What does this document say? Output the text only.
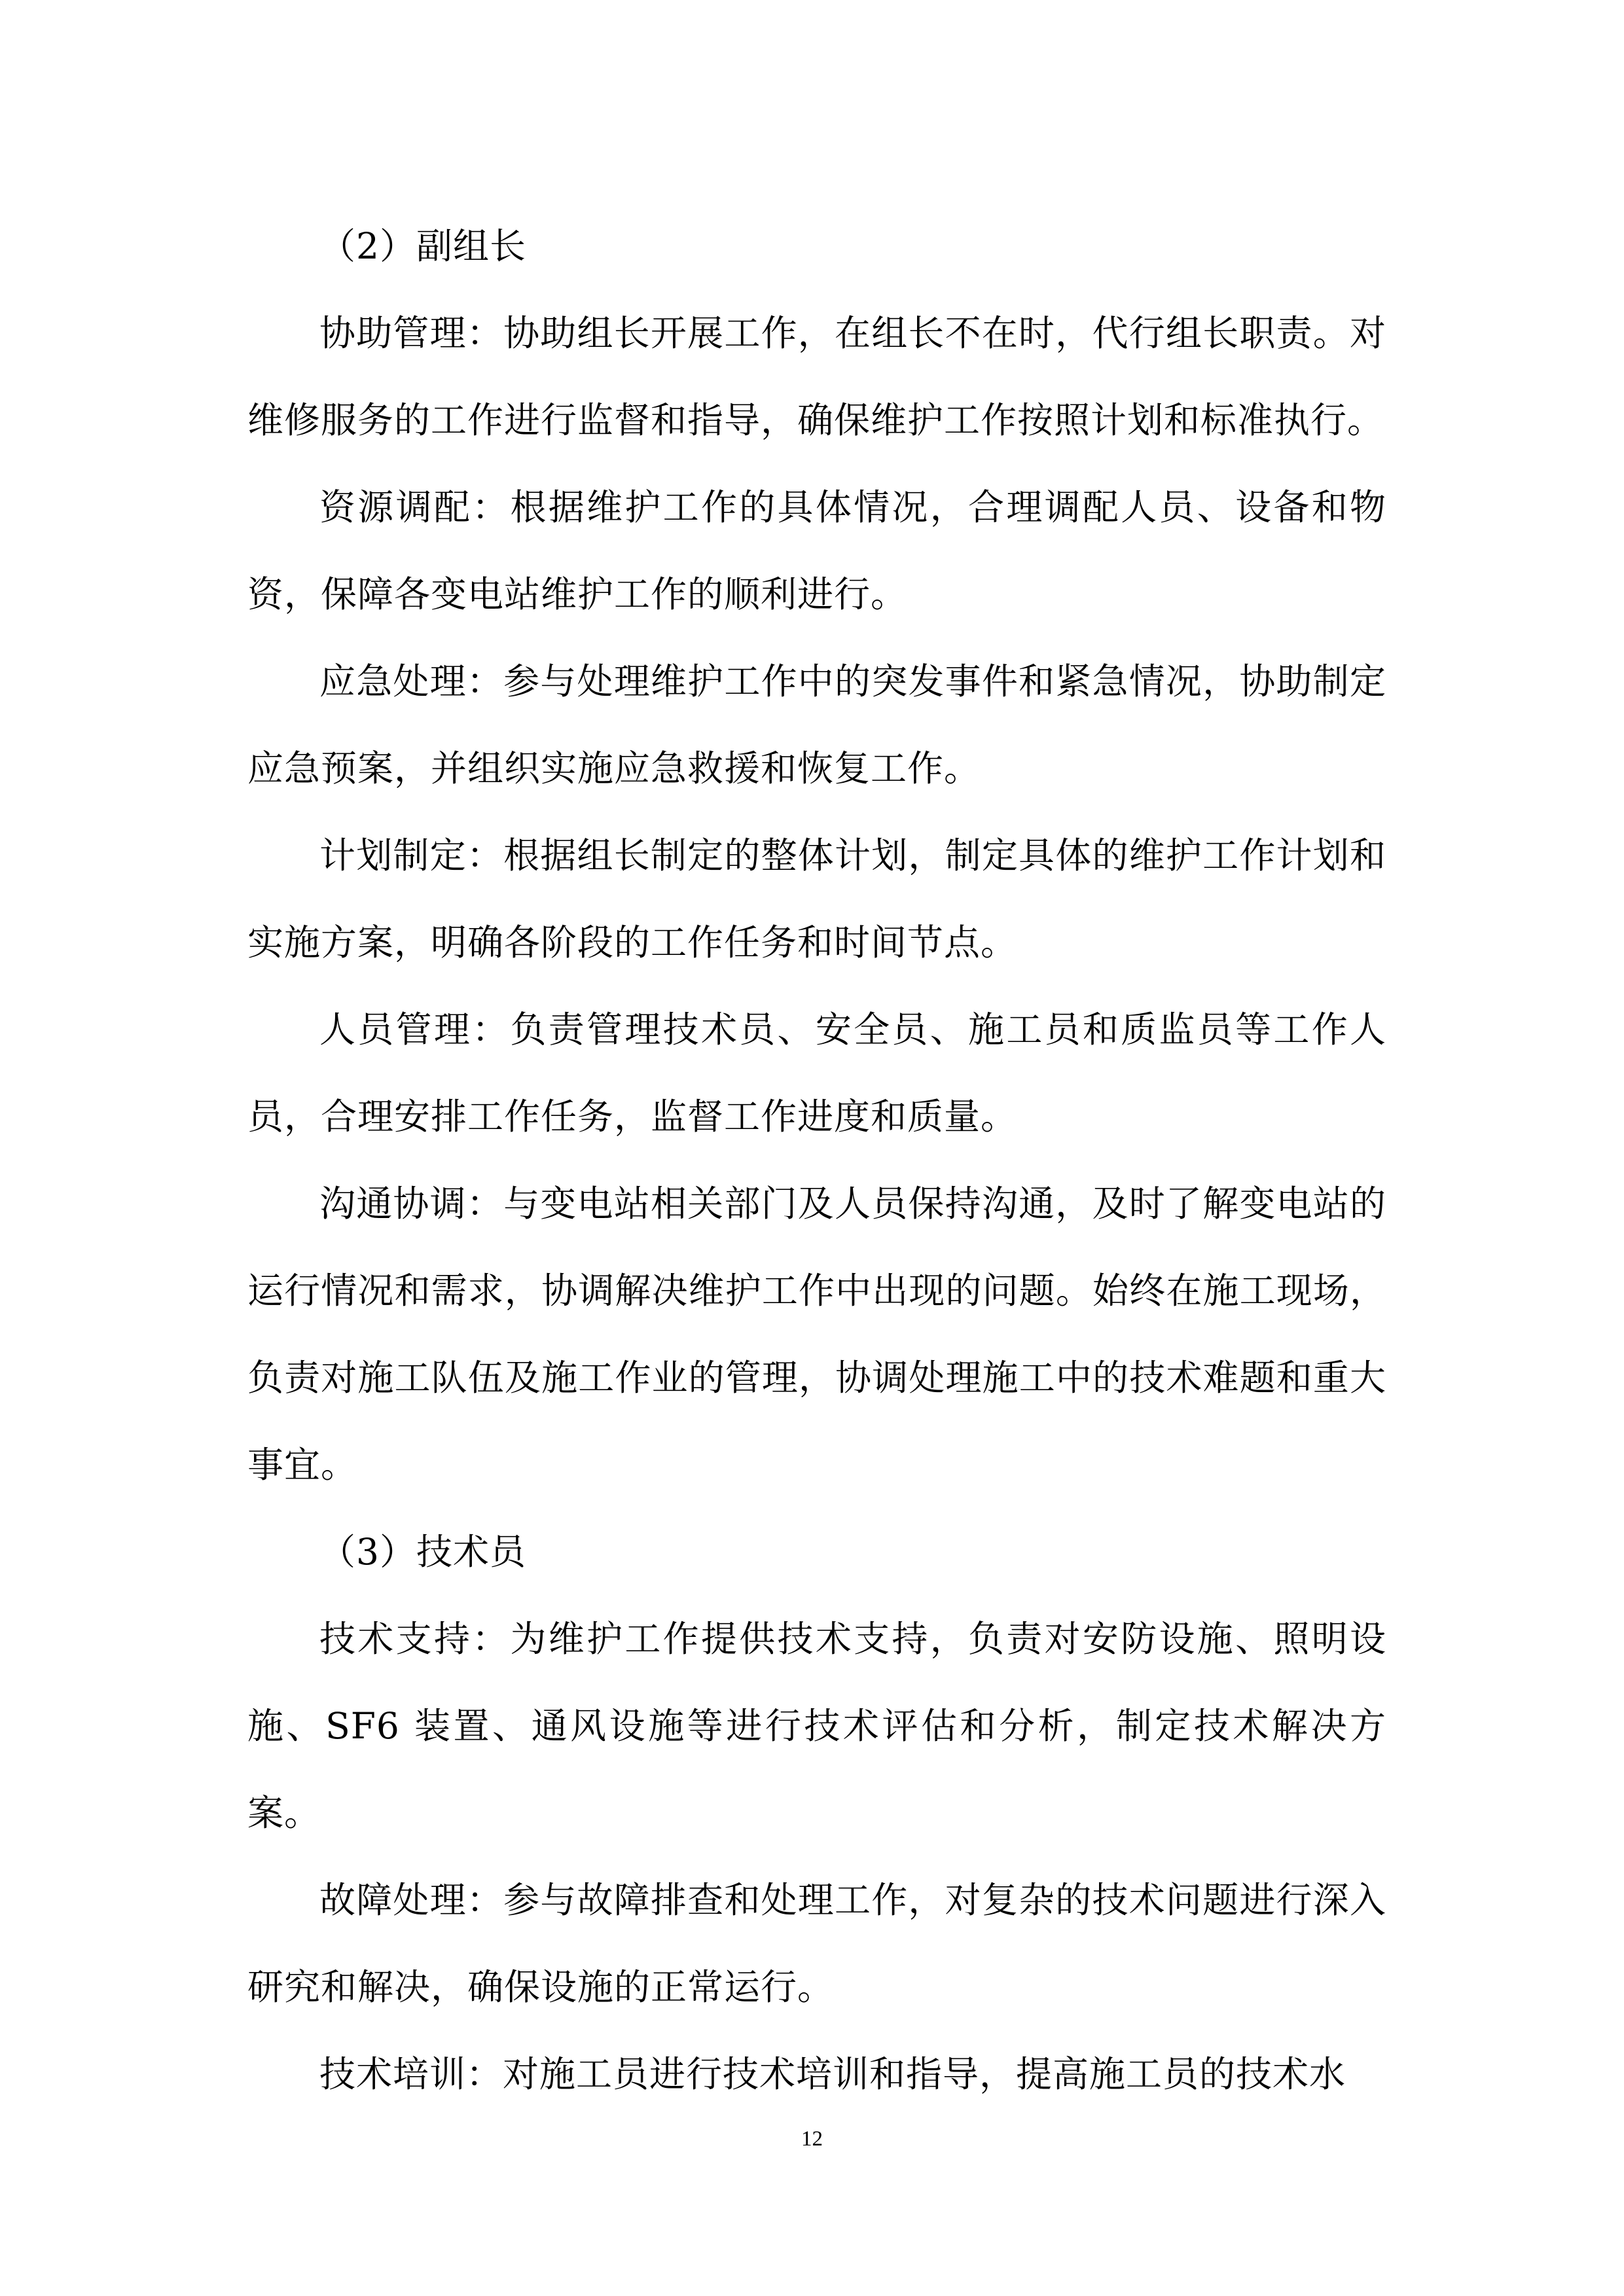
（2）副组长

协助管理：协助组长开展工作，在组长不在时，代行组长职责。对维修服务的工作进行监督和指导，确保维护工作按照计划和标准执行。

资源调配：根据维护工作的具体情况，合理调配人员、设备和物资，保障各变电站维护工作的顺利进行。

应急处理：参与处理维护工作中的突发事件和紧急情况，协助制定应急预案，并组织实施应急救援和恢复工作。

计划制定：根据组长制定的整体计划，制定具体的维护工作计划和实施方案，明确各阶段的工作任务和时间节点。

人员管理：负责管理技术员、安全员、施工员和质监员等工作人员，合理安排工作任务，监督工作进度和质量。

沟通协调：与变电站相关部门及人员保持沟通，及时了解变电站的运行情况和需求，协调解决维护工作中出现的问题。始终在施工现场，负责对施工队伍及施工作业的管理，协调处理施工中的技术难题和重大事宜。

（3）技术员

技术支持：为维护工作提供技术支持，负责对安防设施、照明设施、SF6 装置、通风设施等进行技术评估和分析，制定技术解决方案。

故障处理：参与故障排查和处理工作，对复杂的技术问题进行深入研究和解决，确保设施的正常运行。

技术培训：对施工员进行技术培训和指导，提高施工员的技术水

12
